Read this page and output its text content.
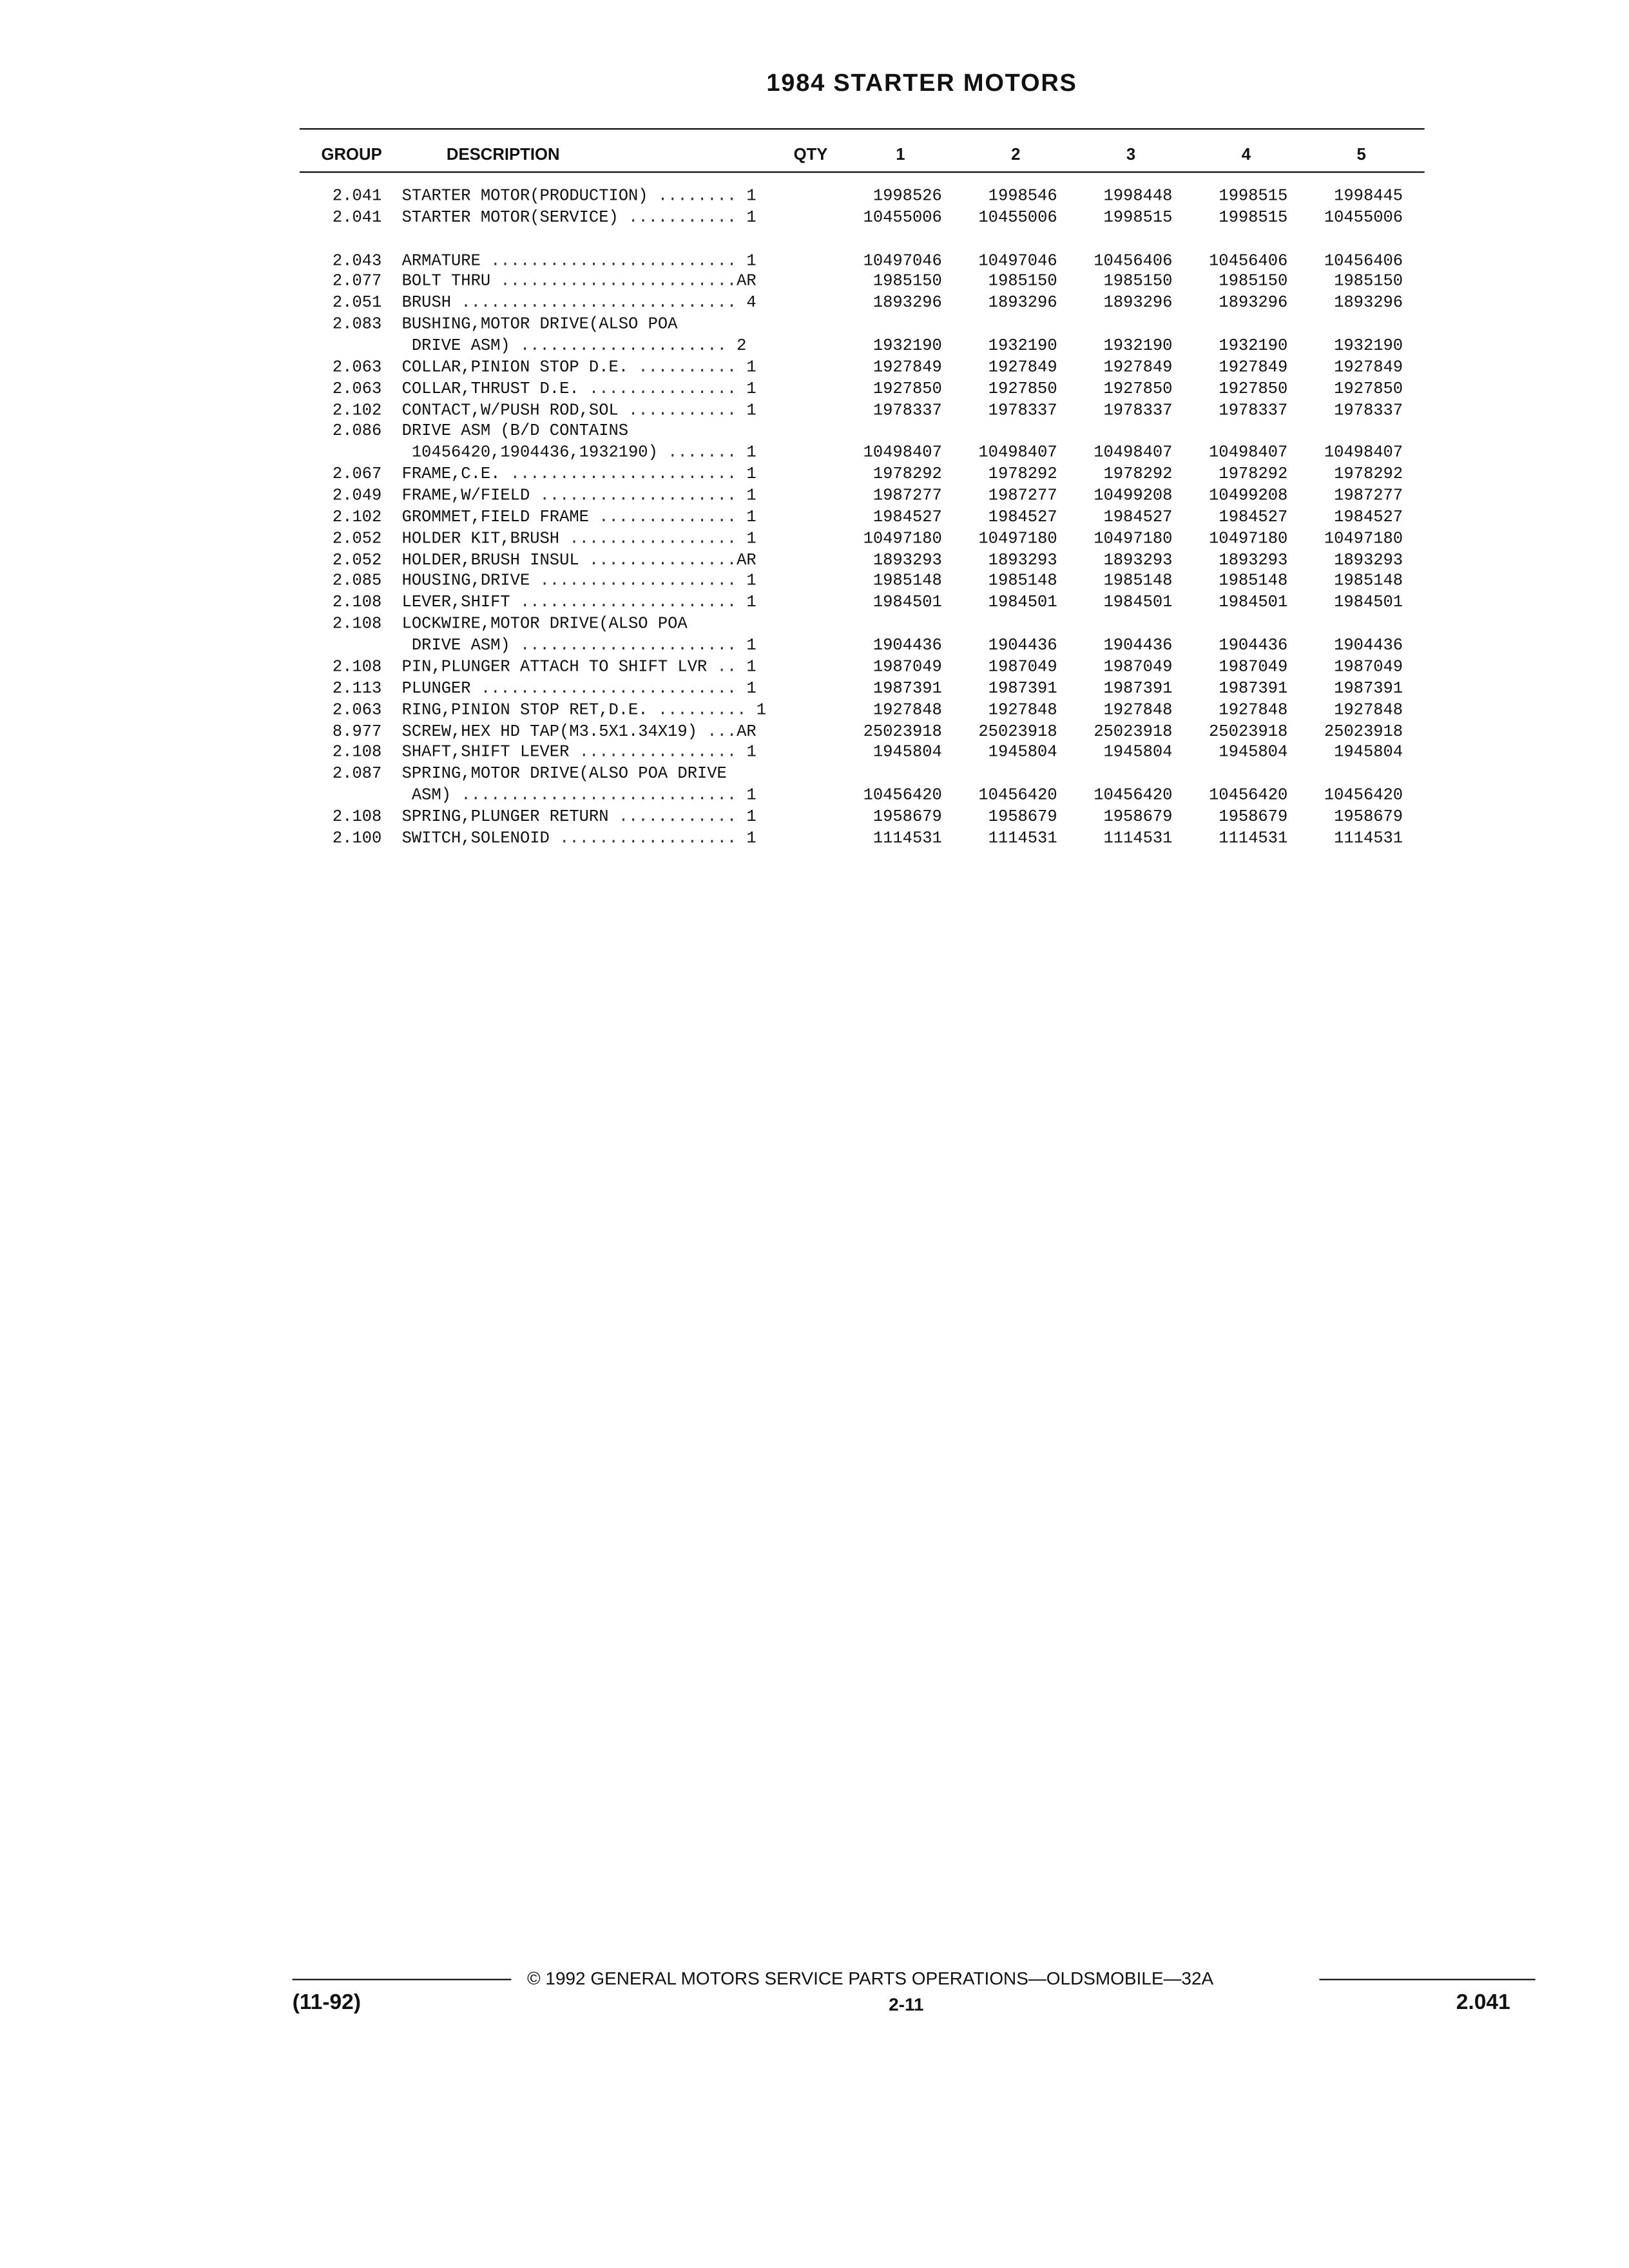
1984 STARTER MOTORS
GROUP	DESCRIPTION	QTY	1	2	3	4	5
2.041	STARTER MOTOR(PRODUCTION) ........ 1	1998526	1998546	1998448	1998515	1998445
2.041	STARTER MOTOR(SERVICE) ........... 1	10455006	10455006	1998515	1998515	10455006
2.043	ARMATURE ......................... 1	10497046	10497046	10456406	10456406	10456406
2.077	BOLT THRU ........................AR	1985150	1985150	1985150	1985150	1985150
2.051	BRUSH ............................ 4	1893296	1893296	1893296	1893296	1893296
2.083	BUSHING,MOTOR DRIVE(ALSO POA
DRIVE ASM) ..................... 2	1932190	1932190	1932190	1932190	1932190
2.063	COLLAR,PINION STOP D.E. .......... 1	1927849	1927849	1927849	1927849	1927849
2.063	COLLAR,THRUST D.E. ............... 1	1927850	1927850	1927850	1927850	1927850
2.102	CONTACT,W/PUSH ROD,SOL ........... 1	1978337	1978337	1978337	1978337	1978337
2.086	DRIVE ASM (B/D CONTAINS
10456420,1904436,1932190) ....... 1	10498407	10498407	10498407	10498407	10498407
2.067	FRAME,C.E. ....................... 1	1978292	1978292	1978292	1978292	1978292
2.049	FRAME,W/FIELD .................... 1	1987277	1987277	10499208	10499208	1987277
2.102	GROMMET,FIELD FRAME .............. 1	1984527	1984527	1984527	1984527	1984527
2.052	HOLDER KIT,BRUSH ................. 1	10497180	10497180	10497180	10497180	10497180
2.052	HOLDER,BRUSH INSUL ...............AR	1893293	1893293	1893293	1893293	1893293
2.085	HOUSING,DRIVE .................... 1	1985148	1985148	1985148	1985148	1985148
2.108	LEVER,SHIFT ...................... 1	1984501	1984501	1984501	1984501	1984501
2.108	LOCKWIRE,MOTOR DRIVE(ALSO POA
DRIVE ASM) ...................... 1	1904436	1904436	1904436	1904436	1904436
2.108	PIN,PLUNGER ATTACH TO SHIFT LVR .. 1	1987049	1987049	1987049	1987049	1987049
2.113	PLUNGER .......................... 1	1987391	1987391	1987391	1987391	1987391
2.063	RING,PINION STOP RET,D.E. ......... 1	1927848	1927848	1927848	1927848	1927848
8.977	SCREW,HEX HD TAP(M3.5X1.34X19) ...AR	25023918	25023918	25023918	25023918	25023918
2.108	SHAFT,SHIFT LEVER ................ 1	1945804	1945804	1945804	1945804	1945804
2.087	SPRING,MOTOR DRIVE(ALSO POA DRIVE
ASM) ............................ 1	10456420	10456420	10456420	10456420	10456420
2.108	SPRING,PLUNGER RETURN ............ 1	1958679	1958679	1958679	1958679	1958679
2.100	SWITCH,SOLENOID .................. 1	1114531	1114531	1114531	1114531	1114531
© 1992 GENERAL MOTORS SERVICE PARTS OPERATIONS—OLDSMOBILE—32A
(11-92)	2-11	2.041
